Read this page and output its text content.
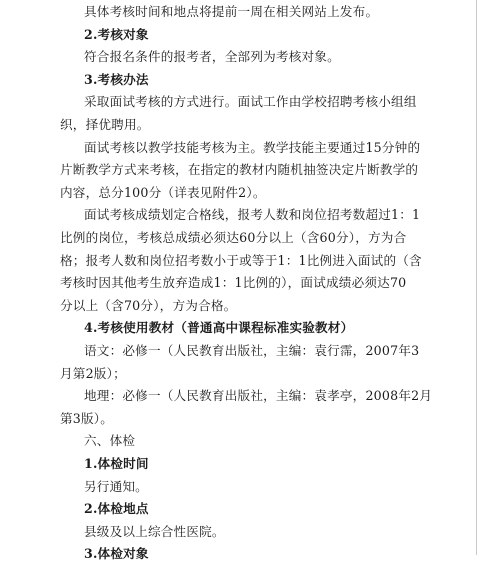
具体考核时间和地点将提前一周在相关网站上发布。
2.考核对象
符合报名条件的报考者，全部列为考核对象。
3.考核办法
采取面试考核的方式进行。面试工作由学校招聘考核小组组
织，择优聘用。
面试考核以教学技能考核为主。教学技能主要通过15分钟的
片断教学方式来考核，在指定的教材内随机抽签决定片断教学的
内容，总分100分（详表见附件2）。
面试考核成绩划定合格线，报考人数和岗位招考数超过1：1
比例的岗位，考核总成绩必须达60分以上（含60分），方为合
格；报考人数和岗位招考数小于或等于1：1比例进入面试的（含
考核时因其他考生放弃造成1：1比例的），面试成绩必须达70
分以上（含70分），方为合格。
4.考核使用教材（普通高中课程标准实验教材）
语文：必修一（人民教育出版社，主编：袁行霈，2007年3
月第2版）；
地理：必修一（人民教育出版社，主编：袁孝亭，2008年2月
第3版）。
六、体检
1.体检时间
另行通知。
2.体检地点
县级及以上综合性医院。
3.体检对象
